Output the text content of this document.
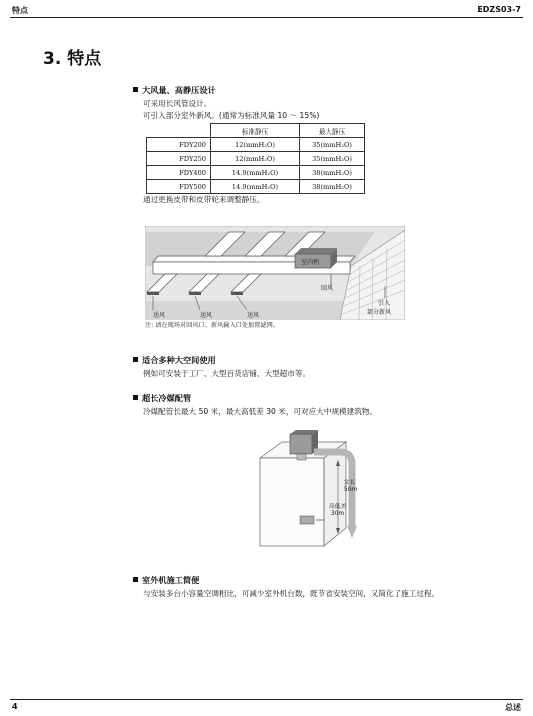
特点	EDZS03-7
3. 特点
大风量、高静压设计
可采用长风管设计。
可引入部分室外新风。(通常为标准风量 10 ～ 15%)
	标准静压	最大静压
FDY200	12(mmH₂O)	35(mmH₂O)
FDY250	12(mmH₂O)	35(mmH₂O)
FDY400	14.9(mmH₂O)	38(mmH₂O)
FDY500	14.9(mmH₂O)	38(mmH₂O)
通过更换皮带和皮带轮来调整静压。
室内机
回风
送风	送风	送风
引入
部分新风
注: 请在现场对回风口、新风输入口处加置滤网。
适合多种大空间使用
例如可安装于工厂、大型百货店铺、大型超市等。
超长冷媒配管
冷媒配管长最大 50 米，最大高低差 30 米，可对应大中规模建筑物。
实长
50m
高低差
30m
室外机施工简便
与安装多台小容量空调相比，可减少室外机台数，既节省安装空间，又简化了施工过程。
4	总述
